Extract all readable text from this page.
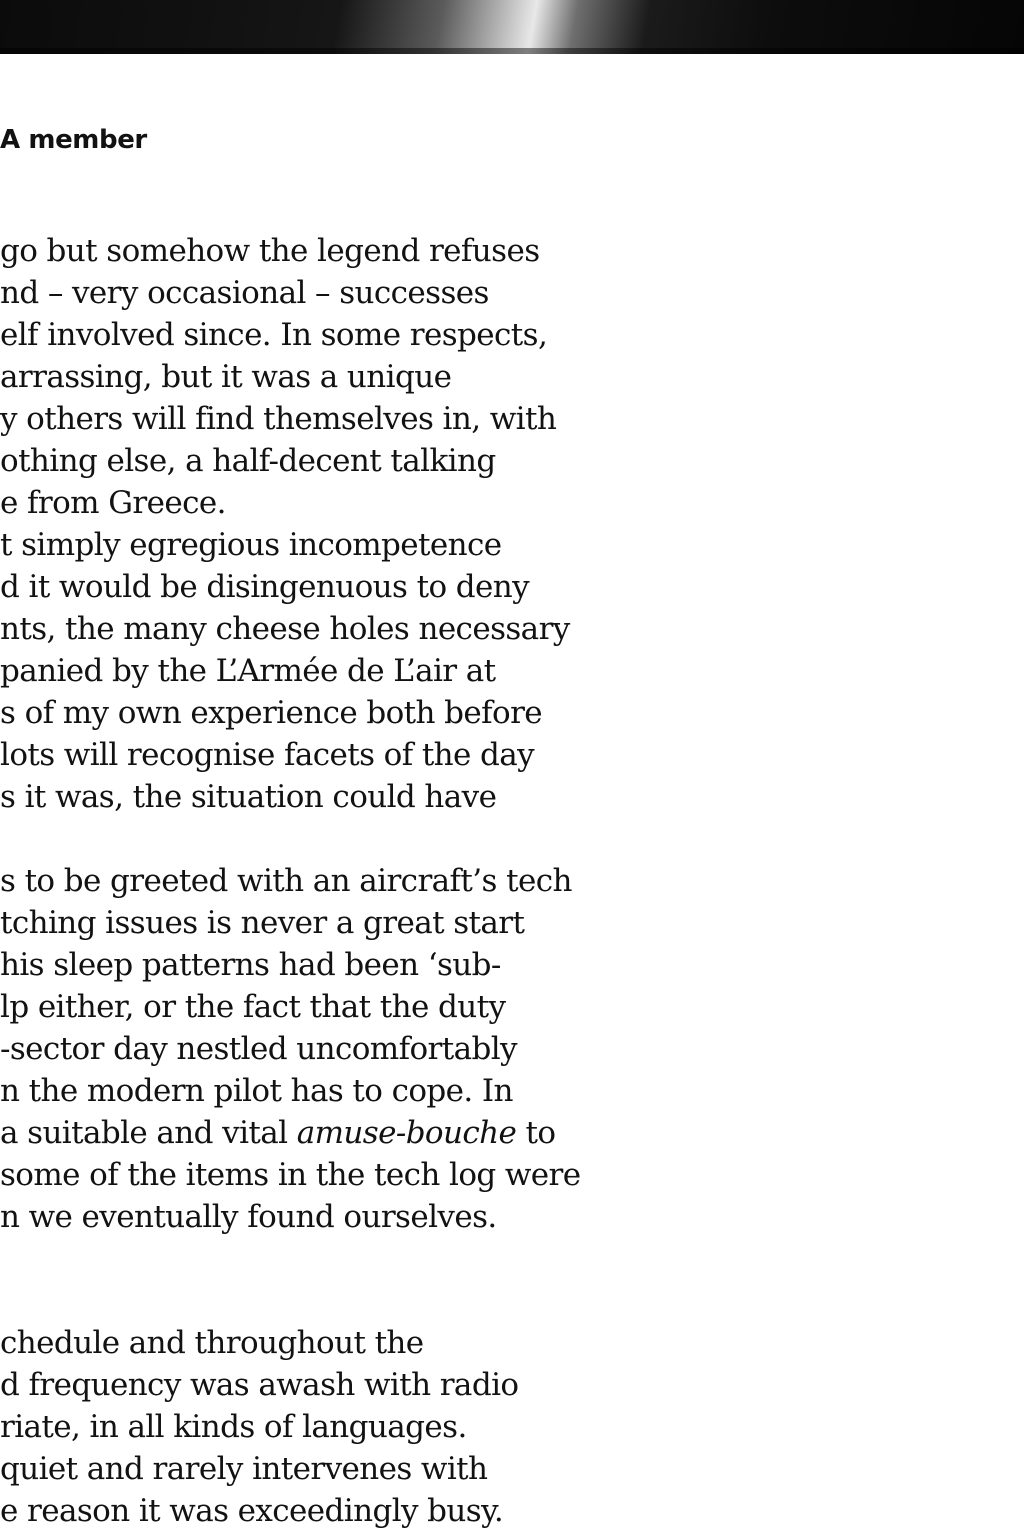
A member

go but somehow the legend refuses

nd – very occasional – successes

elf involved since. In some respects,

arrassing, but it was a unique

y others will find themselves in, with

othing else, a half-decent talking

e from Greece.

t simply egregious incompetence

d it would be disingenuous to deny

nts, the many cheese holes necessary

panied by the L’Armée de L’air at

s of my own experience both before

lots will recognise facets of the day

s it was, the situation could have

s to be greeted with an aircraft’s tech

tching issues is never a great start

his sleep patterns had been ‘sub-

lp either, or the fact that the duty

-sector day nestled uncomfortably

n the modern pilot has to cope. In

a suitable and vital amuse-bouche to

some of the items in the tech log were

n we eventually found ourselves.

chedule and throughout the

d frequency was awash with radio

riate, in all kinds of languages.

quiet and rarely intervenes with

e reason it was exceedingly busy.
